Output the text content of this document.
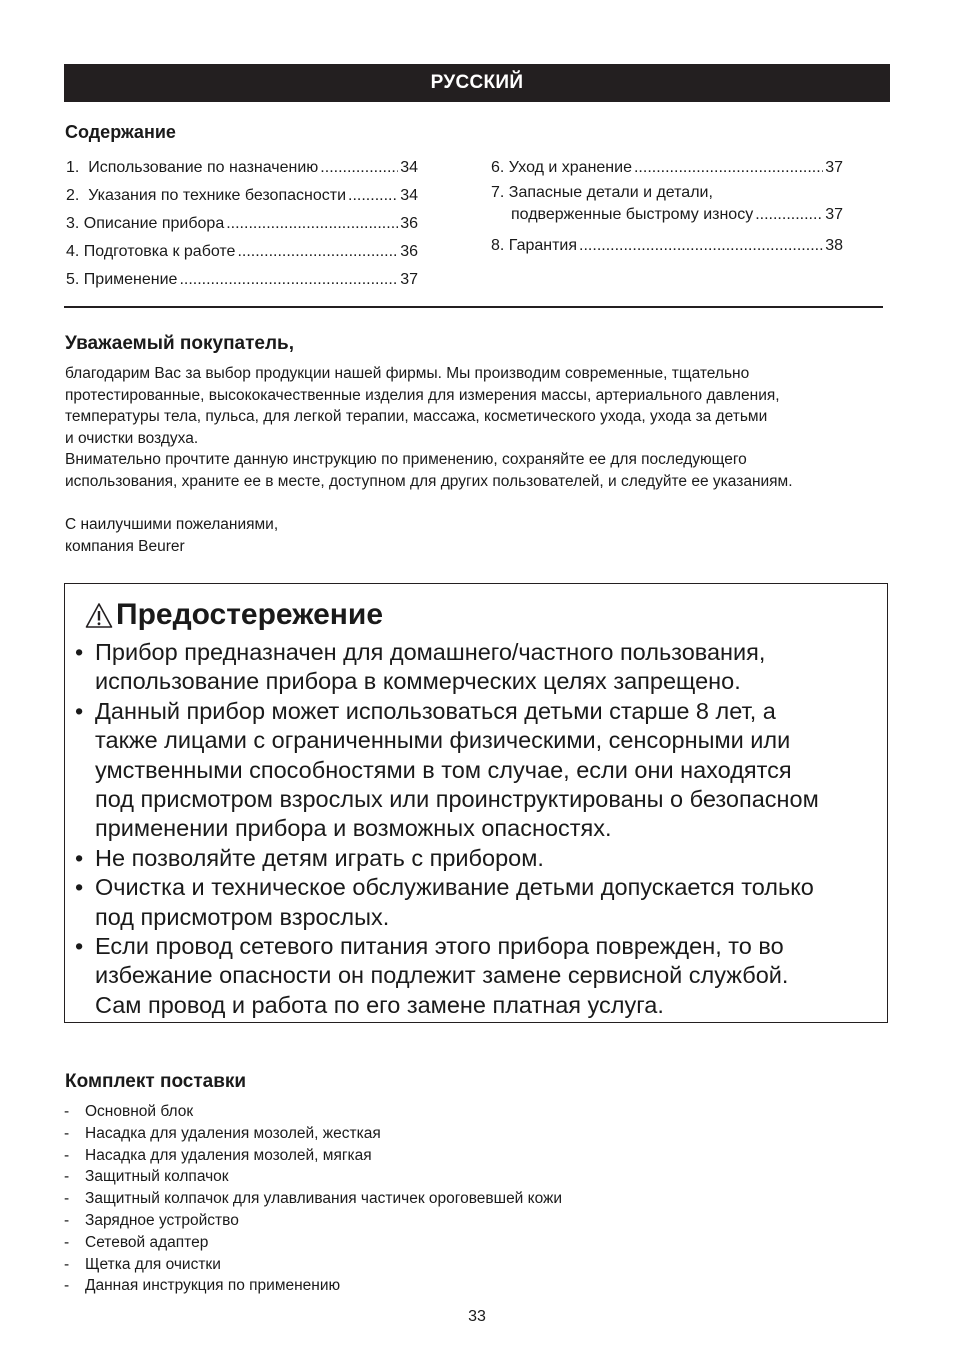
РУССКИЙ
Содержание
1. Использование по назначению .....	34
2. Указания по технике безопасности .....	34
3. Описание прибора .....	36
4. Подготовка к работе .....	36
5. Применение .....	37
6. Уход и хранение .....	37
7. Запасные детали и детали,
подверженные быстрому износу .....	37
8. Гарантия .....	38
Уважаемый покупатель,

благодарим Вас за выбор продукции нашей фирмы. Мы производим современные, тщательно

протестированные, высококачественные изделия для измерения массы, артериального давления,

температуры тела, пульса, для легкой терапии, массажа, косметического ухода, ухода за детьми

и очистки воздуха.

Внимательно прочтите данную инструкцию по применению, сохраняйте ее для последующего

использования, храните ее в месте, доступном для других пользователей, и следуйте ее указаниям.

С наилучшими пожеланиями,

компания Beurer

Предостережение
• Прибор предназначен для домашнего/частного пользования,
использование прибора в коммерческих целях запрещено.
• Данный прибор может использоваться детьми старше 8 лет, а
также лицами с ограниченными физическими, сенсорными или
умственными способностями в том случае, если они находятся
под присмотром взрослых или проинструктированы о безопасном
применении прибора и возможных опасностях.
• Не позволяйте детям играть с прибором.
• Очистка и техническое обслуживание детьми допускается только
под присмотром взрослых.
• Если провод сетевого питания этого прибора поврежден, то во
избежание опасности он подлежит замене сервисной службой.
Сам провод и работа по его замене платная услуга.
Комплект поставки
-	Основной блок
-	Насадка для удаления мозолей, жесткая
-	Насадка для удаления мозолей, мягкая
-	Защитный колпачок
-	Защитный колпачок для улавливания частичек ороговевшей кожи
-	Зарядное устройство
-	Сетевой адаптер
-	Щетка для очистки
-	Данная инструкция по применению
33
